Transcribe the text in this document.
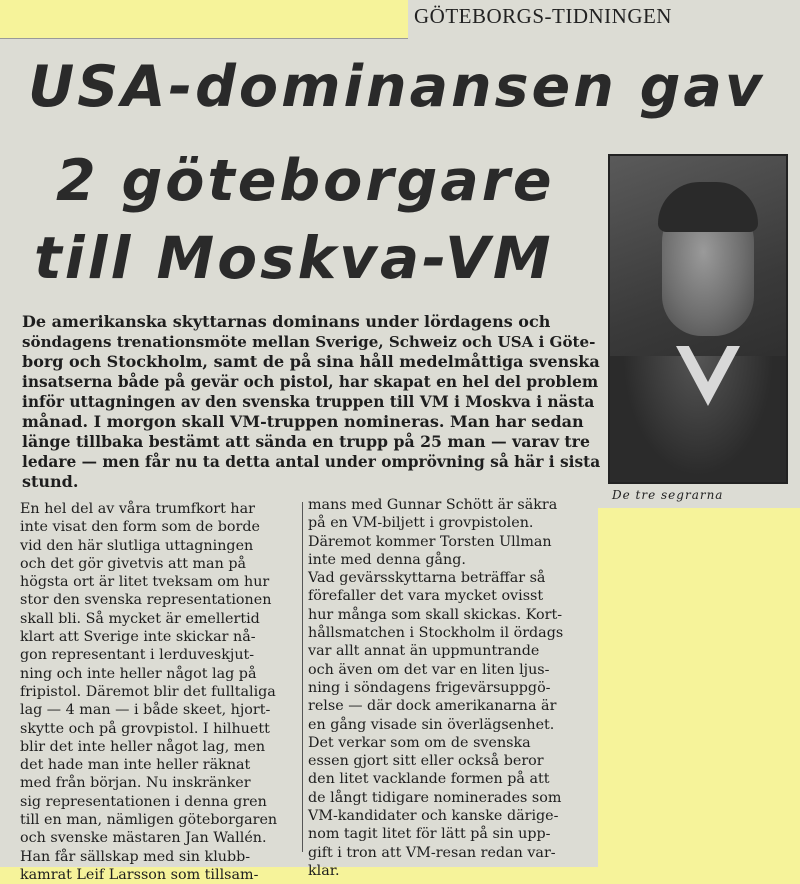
GÖTEBORGS-TIDNINGEN
USA-dominansen gav
2 göteborgare
till Moskva-VM
De tre segrarna
De amerikanska skyttarnas dominans under lördagens och
söndagens trenationsmöte mellan Sverige, Schweiz och USA i Göte-
borg och Stockholm, samt de på sina håll medelmåttiga svenska
insatserna både på gevär och pistol, har skapat en hel del problem
inför uttagningen av den svenska truppen till VM i Moskva i nästa
månad. I morgon skall VM-truppen nomineras. Man har sedan
länge tillbaka bestämt att sända en trupp på 25 man — varav tre
ledare — men får nu ta detta antal under omprövning så här i sista
stund.
En hel del av våra trumfkort har
inte visat den form som de borde
vid den här slutliga uttagningen
och det gör givetvis att man på
högsta ort är litet tveksam om hur
stor den svenska representationen
skall bli. Så mycket är emellertid
klart att Sverige inte skickar nå-
gon representant i lerduveskjut-
ning och inte heller något lag på
fripistol. Däremot blir det fulltaliga
lag — 4 man — i både skeet, hjort-
skytte och på grovpistol. I hilhuett
blir det inte heller något lag, men
det hade man inte heller räknat
med från början. Nu inskränker
sig representationen i denna gren
till en man, nämligen göteborgaren
och svenske mästaren Jan Wallén.
Han får sällskap med sin klubb-
kamrat Leif Larsson som tillsam-
mans med Gunnar Schött är säkra
på en VM-biljett i grovpistolen.
Däremot kommer Torsten Ullman
inte med denna gång.
Vad gevärsskyttarna beträffar så
förefaller det vara mycket ovisst
hur många som skall skickas. Kort-
hållsmatchen i Stockholm il ördags
var allt annat än uppmuntrande
och även om det var en liten ljus-
ning i söndagens frigevärsuppgö-
relse — där dock amerikanarna är
en gång visade sin överlägsenhet.
Det verkar som om de svenska
essen gjort sitt eller också beror
den litet vacklande formen på att
de långt tidigare nominerades som
VM-kandidater och kanske därige-
nom tagit litet för lätt på sin upp-
gift i tron att VM-resan redan var-
klar.
